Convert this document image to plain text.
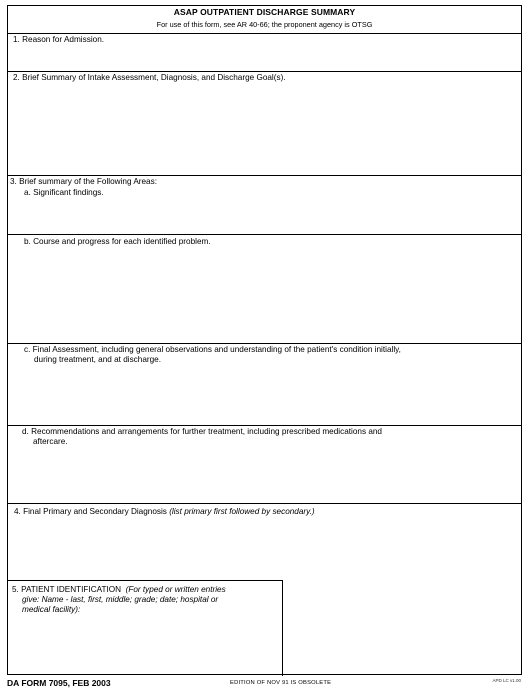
ASAP OUTPATIENT DISCHARGE SUMMARY
For use of this form, see AR 40-66; the proponent agency is OTSG
1. Reason for Admission.
2. Brief Summary of Intake Assessment, Diagnosis, and Discharge Goal(s).
3. Brief summary of the Following Areas:
a. Significant findings.
b. Course and progress for each identified problem.
c. Final Assessment, including general observations and understanding of the patient's condition initially,
during treatment, and at discharge.
d. Recommendations and arrangements for further treatment, including prescribed medications and
aftercare.
4. Final Primary and Secondary Diagnosis (list primary first followed by secondary.)
5. PATIENT IDENTIFICATION (For typed or written entries
give: Name - last, first, middle; grade; date; hospital or
medical facility):
DA FORM 7095, FEB 2003	EDITION OF NOV 91 IS OBSOLETE	APD LC v1.00
